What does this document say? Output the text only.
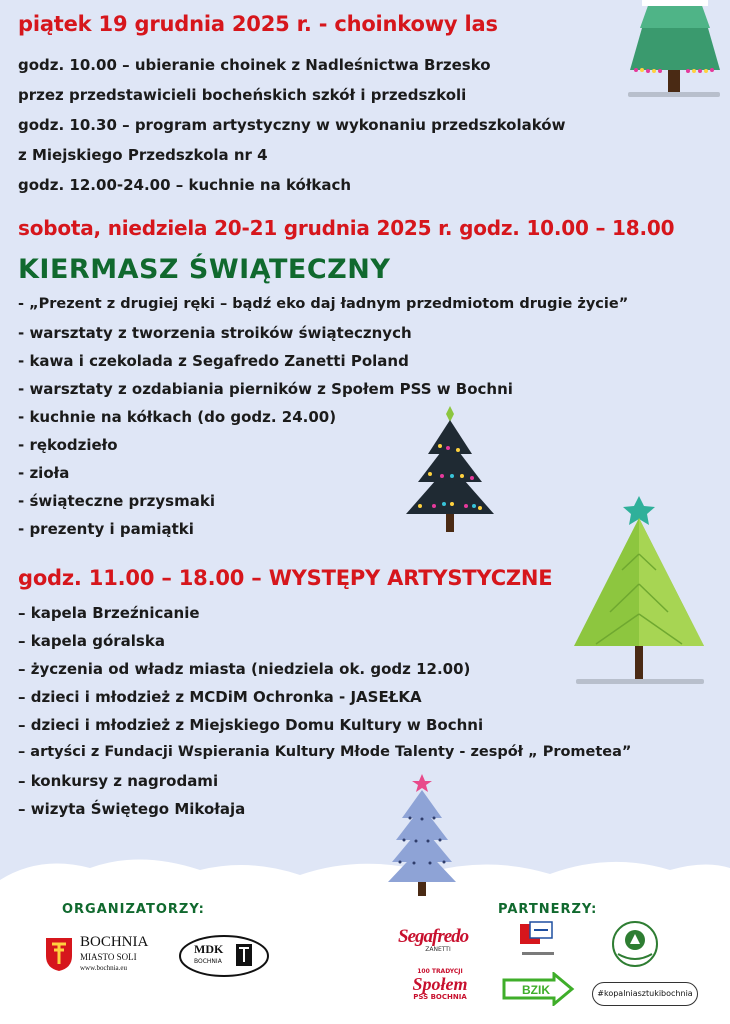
piątek 19 grudnia 2025 r. - choinkowy las
godz. 10.00 – ubieranie choinek z Nadleśnictwa Brzesko
przez przedstawicieli bocheńskich szkół i przedszkoli
godz. 10.30 – program artystyczny w wykonaniu przedszkolaków
z Miejskiego Przedszkola nr 4
godz. 12.00-24.00 – kuchnie na kółkach
sobota, niedziela 20-21 grudnia 2025 r. godz. 10.00 – 18.00
KIERMASZ ŚWIĄTECZNY
- „Prezent z drugiej ręki – bądź eko daj ładnym przedmiotom drugie życie”
- warsztaty z tworzenia stroików świątecznych
- kawa i czekolada z Segafredo Zanetti Poland
- warsztaty z ozdabiania pierników z Społem PSS w Bochni
- kuchnie na kółkach (do godz. 24.00)
- rękodzieło
- zioła
- świąteczne przysmaki
- prezenty i pamiątki
godz. 11.00 – 18.00 – WYSTĘPY ARTYSTYCZNE
– kapela Brzeźnicanie
– kapela góralska
– życzenia od władz miasta (niedziela ok. godz 12.00)
– dzieci i młodzież z MCDiM Ochronka - JASEŁKA
– dzieci i młodzież z Miejskiego Domu Kultury w Bochni
– artyści z Fundacji Wspierania Kultury Młode Talenty - zespół „ Prometea”
– konkursy z nagrodami
– wizyta Świętego Mikołaja
ORGANIZATORZY:	PARTNERZY:
BOCHNIA
MIASTO SOLI
www.bochnia.eu
MDK
BOCHNIA
Segafredo
ZANETTI
100 TRADYCJI
Społem
PSS BOCHNIA	BZIK	#kopalniasztukibochnia
